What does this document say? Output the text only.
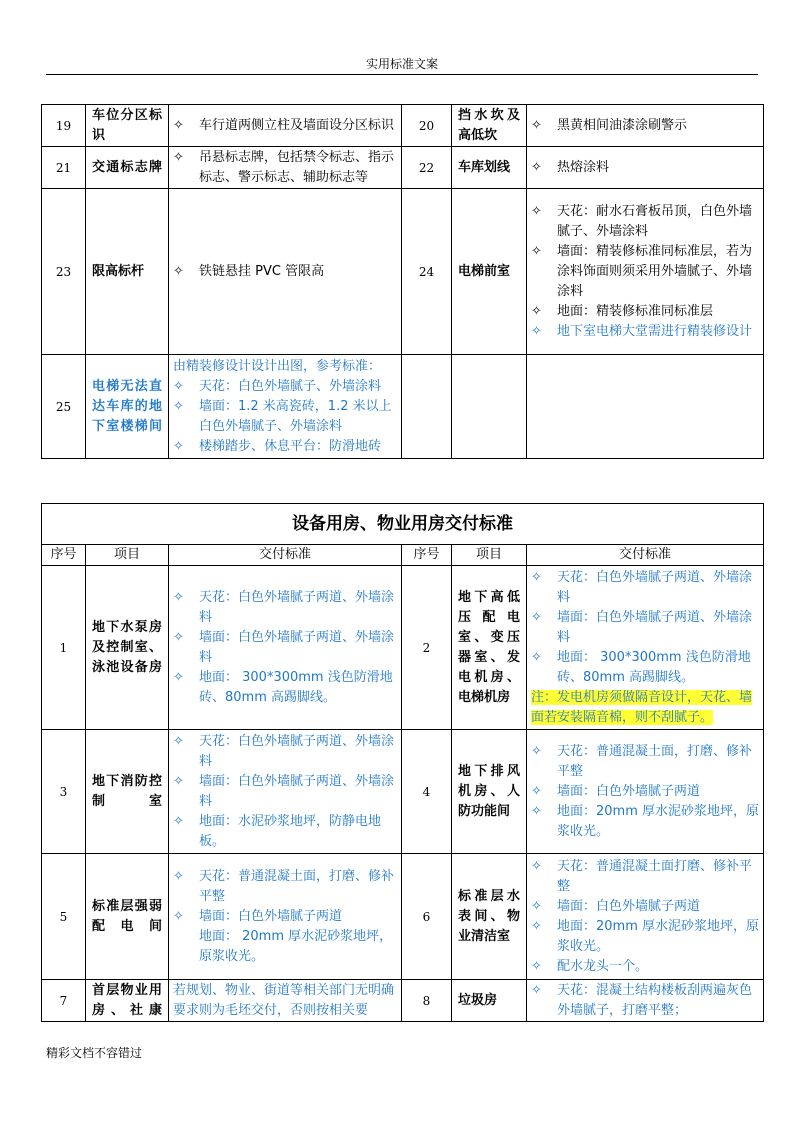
实用标准文案
19	车位分区标识	✧ 车行道两侧立柱及墙面设分区标识	20	挡水坎及高低坎	✧ 黑黄相间油漆涂刷警示

21	交通标志牌	✧ 吊悬标志牌，包括禁令标志、指示标志、警示标志、辅助标志等	22	车库划线	✧ 热熔涂料

23	限高标杆	✧ 铁链悬挂 PVC 管限高	24	电梯前室	✧ 天花：耐水石膏板吊顶，白色外墙腻子、外墙涂料
✧ 墙面：精装修标准同标准层，若为涂料饰面则须采用外墙腻子、外墙涂料
✧ 地面：精装修标准同标准层
✧ 地下室电梯大堂需进行精装修设计

25	电梯无法直达车库的地下室楼梯间	由精装修设计设计出图，参考标准：
✧ 天花：白色外墙腻子、外墙涂料
✧ 墙面：1.2 米高瓷砖，1.2 米以上白色外墙腻子、外墙涂料
✧ 楼梯踏步、休息平台：防滑地砖

设备用房、物业用房交付标准					
序号	项目	交付标准	序号	项目	交付标准
1	地下水泵房及控制室、泳池设备房	✧ 天花：白色外墙腻子两道、外墙涂料
✧ 墙面：白色外墙腻子两道、外墙涂料
✧ 地面： 300*300mm 浅色防滑地砖、80mm 高踢脚线。	2	地下高低压配电室、变压器室、发电机房、电梯机房	✧ 天花：白色外墙腻子两道、外墙涂料
✧ 墙面：白色外墙腻子两道、外墙涂料
✧ 地面： 300*300mm 浅色防滑地砖、80mm 高踢脚线。
注：发电机房须做隔音设计，天花、墙面若安装隔音棉，则不刮腻子。

3	地下消防控制室	✧ 天花：白色外墙腻子两道、外墙涂料
✧ 墙面：白色外墙腻子两道、外墙涂料
✧ 地面：水泥砂浆地坪，防静电地板。	4	地下排风机房、人防功能间	✧ 天花：普通混凝土面，打磨、修补平整
✧ 墙面：白色外墙腻子两道
✧ 地面：20mm 厚水泥砂浆地坪，原浆收光。

5	标准层强弱配电间	✧ 天花：普通混凝土面，打磨、修补平整
✧ 墙面：白色外墙腻子两道
地面： 20mm 厚水泥砂浆地坪，原浆收光。	6	标准层水表间、物业清洁室	✧ 天花：普通混凝土面打磨、修补平整
✧ 墙面：白色外墙腻子两道
✧ 地面：20mm 厚水泥砂浆地坪，原浆收光。
✧ 配水龙头一个。

7	首层物业用房、社康	若规划、物业、街道等相关部门无明确要求则为毛坯交付，否则按相关要	8	垃圾房	✧ 天花：混凝土结构楼板刮两遍灰色外墙腻子，打磨平整；
精彩文档不容错过
